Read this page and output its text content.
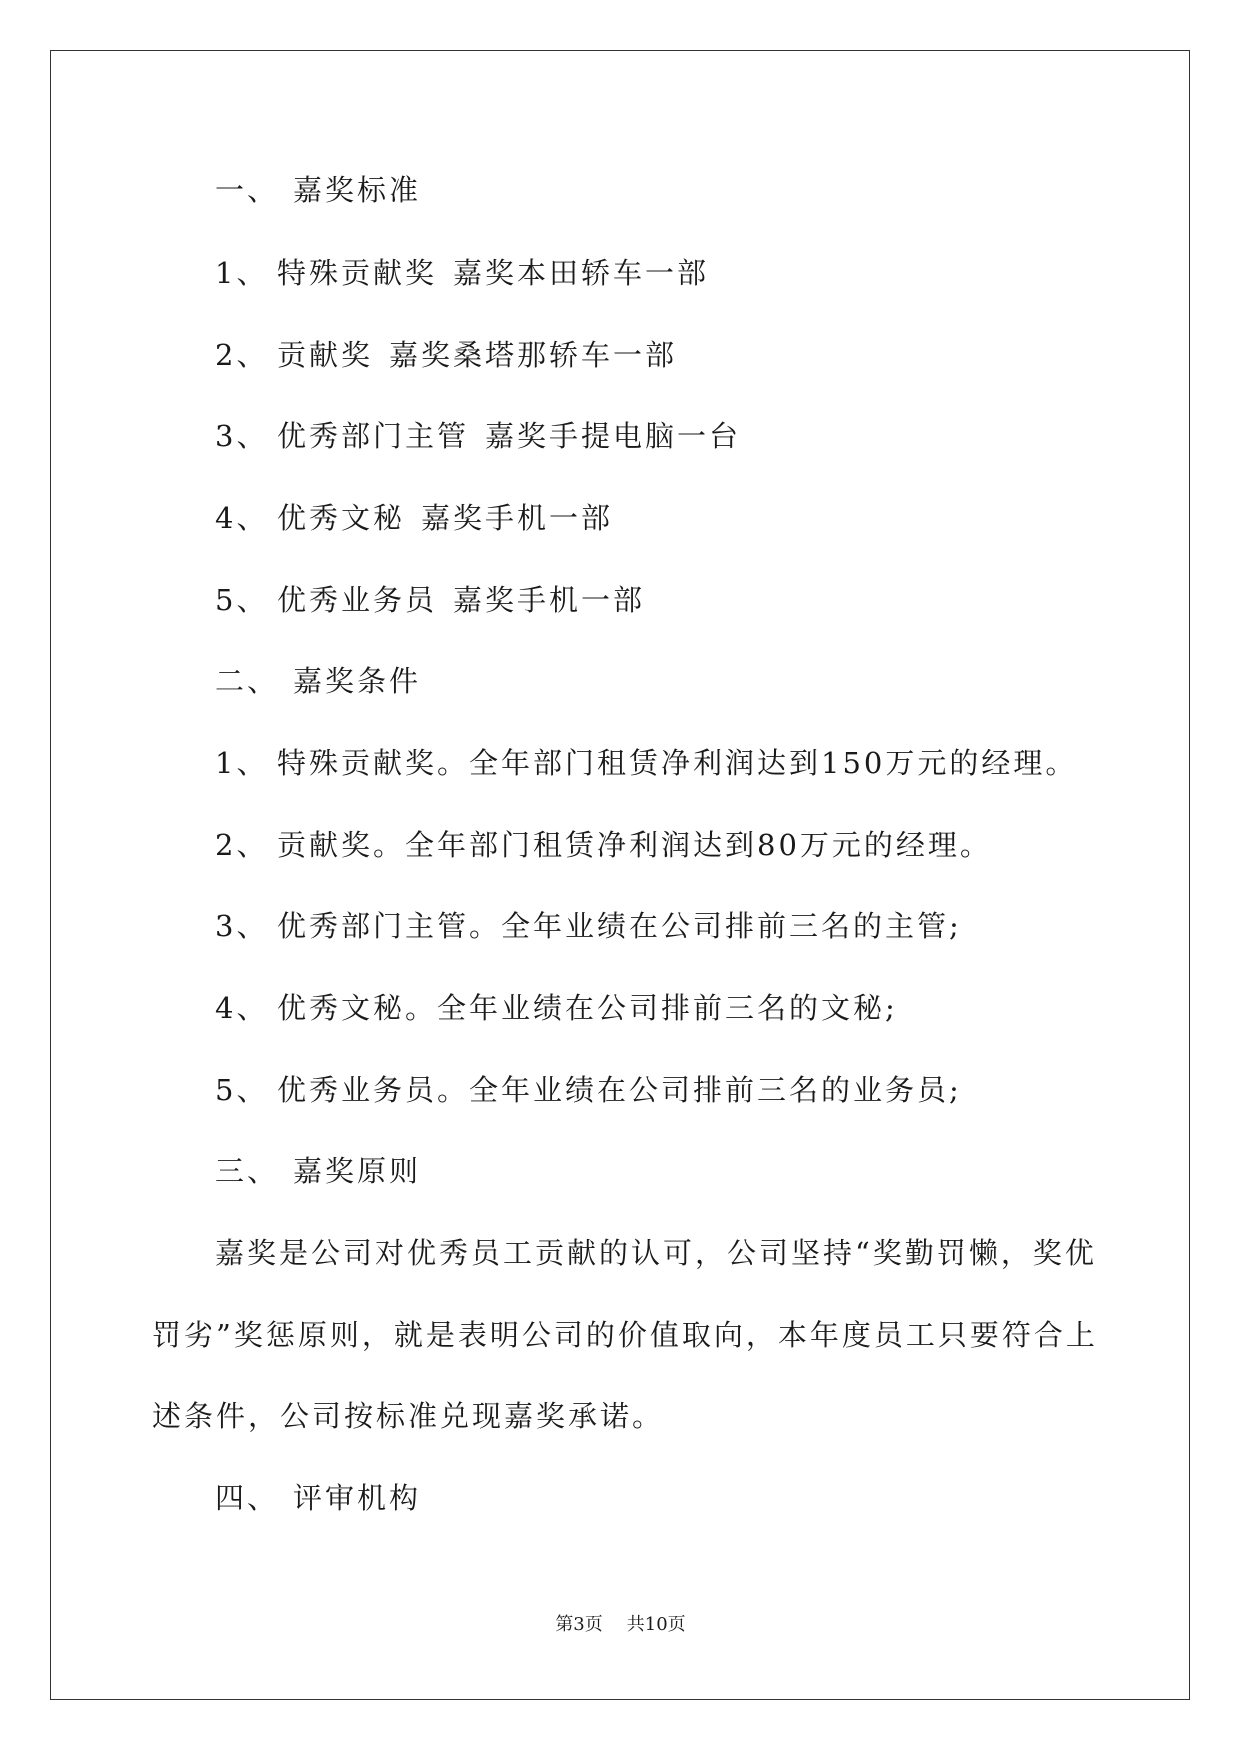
一、 嘉奖标准
1、 特殊贡献奖 嘉奖本田轿车一部
2、 贡献奖 嘉奖桑塔那轿车一部
3、 优秀部门主管 嘉奖手提电脑一台
4、 优秀文秘 嘉奖手机一部
5、 优秀业务员 嘉奖手机一部
二、 嘉奖条件
1、 特殊贡献奖。全年部门租赁净利润达到150万元的经理。
2、 贡献奖。全年部门租赁净利润达到80万元的经理。
3、 优秀部门主管。全年业绩在公司排前三名的主管;
4、 优秀文秘。全年业绩在公司排前三名的文秘;
5、 优秀业务员。全年业绩在公司排前三名的业务员;
三、 嘉奖原则
嘉奖是公司对优秀员工贡献的认可，公司坚持“奖勤罚懒，奖优
罚劣”奖惩原则，就是表明公司的价值取向，本年度员工只要符合上
述条件，公司按标准兑现嘉奖承诺。
四、 评审机构
第3页 共10页
